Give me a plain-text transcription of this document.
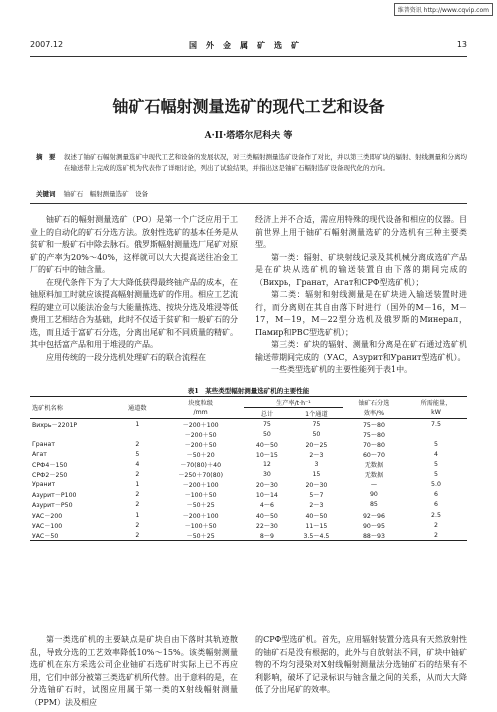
维普资讯 http://www.cqvip.com
2007.12	国外金属矿选矿	13
铀矿石幅射测量选矿的现代工艺和设备
A·II·塔塔尔尼科夫 等
摘　要 叙述了铀矿石幅射测量选矿中现代工艺和设备的发展状况，对三类幅射测量选矿设备作了对比，并以第三类即矿块的辐射、射线测量和分离均在输送带上完成的选矿机为代表作了详细讨论，列出了试验结果，并指出这是铀矿石幅射选矿设备现代化的方向。
关键词 铀矿石　幅射测量选矿　设备

铀矿石的幅射测量选矿（PO）是第一个广泛应用于工业上的自动化的矿石分选方法。放射性选矿的基本任务是从贫矿和一般矿石中除去脉石。俄罗斯幅射测量选厂尾矿对原矿的产率为20%～40%，这样就可以大大提高送往冶金工厂的矿石中的铀含量。

在现代条件下为了大大降低获得最终铀产品的成本，在铀原料加工时就应该提高幅射测量选矿的作用。相应工艺流程的建立可以能法冶金与大能量拣选、按块分选及堆浸等低费用工艺相结合为基础，此时不仅适于贫矿和一般矿石的分选，而且适于富矿石分选，分离出尾矿和不同质量的精矿。其中包括富产品和用于堆浸的产品。

应用传统的一段分选机处理矿石的联合流程在

经济上并不合适，需应用特殊的现代设备和相应的仪器。目前世界上用于铀矿石幅射测量选矿的分选机有三种主要类型。

第一类：辐射、矿块射线记录及其机械分离成选矿产品是在矿块从选矿机的输送装置自由下落的期间完成的（Вихрь，Гранат，Агат和CPФ型选矿机）；

第二类：辐射和射线测量是在矿块进入输送装置时进行，而分离则在其自由落下时进行（国外的M－16，M－17，M－19，M－22型分选机及俄罗斯的Минерал，Памир和PBC型选矿机）；

第三类：矿块的辐射、测量和分离是在矿石通过选矿机输送带期间完成的（УAC，Азурит和Уранит型选矿机）。

一些类型选矿机的主要性能列于表1中。

表1　某些类型幅射测量选矿机的主要性能
选矿机名称	通道数	块度粒级	生产率/t·h⁻¹		铀矿石分选	所需能量，
		/mm	总计	1个通道	效率/%	kW

Вихрь－2201P	1	－200＋100	75	75	75～80	7.5
		－200＋50	50	50	75～80	
Гранат	2	－200＋50	40～50	20～25	70～80	5
Агат	5	－50＋20	10～15	2～3	60～70	4
CPФ4－150	4	－70(80)＋40	12	3	无数据	5
CPФ2－250	2	－250＋70(80)	30	15	无数据	5
Уранит	1	－200＋100	20～30	20～30	—	5.0
Азурит－P100	2	－100＋50	10～14	5～7	90	6
Азурит－P50	2	－50＋25	4～6	2～3	85	6
УAC－200	1	－200＋100	40～50	40～50	92～96	2.5
УAC－100	2	－100＋50	22～30	11～15	90～95	2
УAC－50	2	－50＋25	8～9	3.5～4.5	88～93	2

第一类选矿机的主要缺点是矿块自由下落时其轨迹散乱，导致分选的工艺效率降低10%～15%。该类幅射测量选矿机在东方采选公司企业铀矿石选矿时实际上已不再应用，它们中部分被第三类选矿机所代替。出于意料的是，在分选铀矿石时，试图应用属于第一类的X射线幅射测量（PPM）法及相应

的CPФ型选矿机。首先，应用辐射装置分选具有天然放射性的铀矿石是没有根据的，此外与自放射法不同，矿块中铀矿物的不均匀浸染对X射线幅射测量法分选铀矿石的结果有不利影响，破坏了记录标识与铀含量之间的关系，从而大大降低了分出尾矿的效率。
